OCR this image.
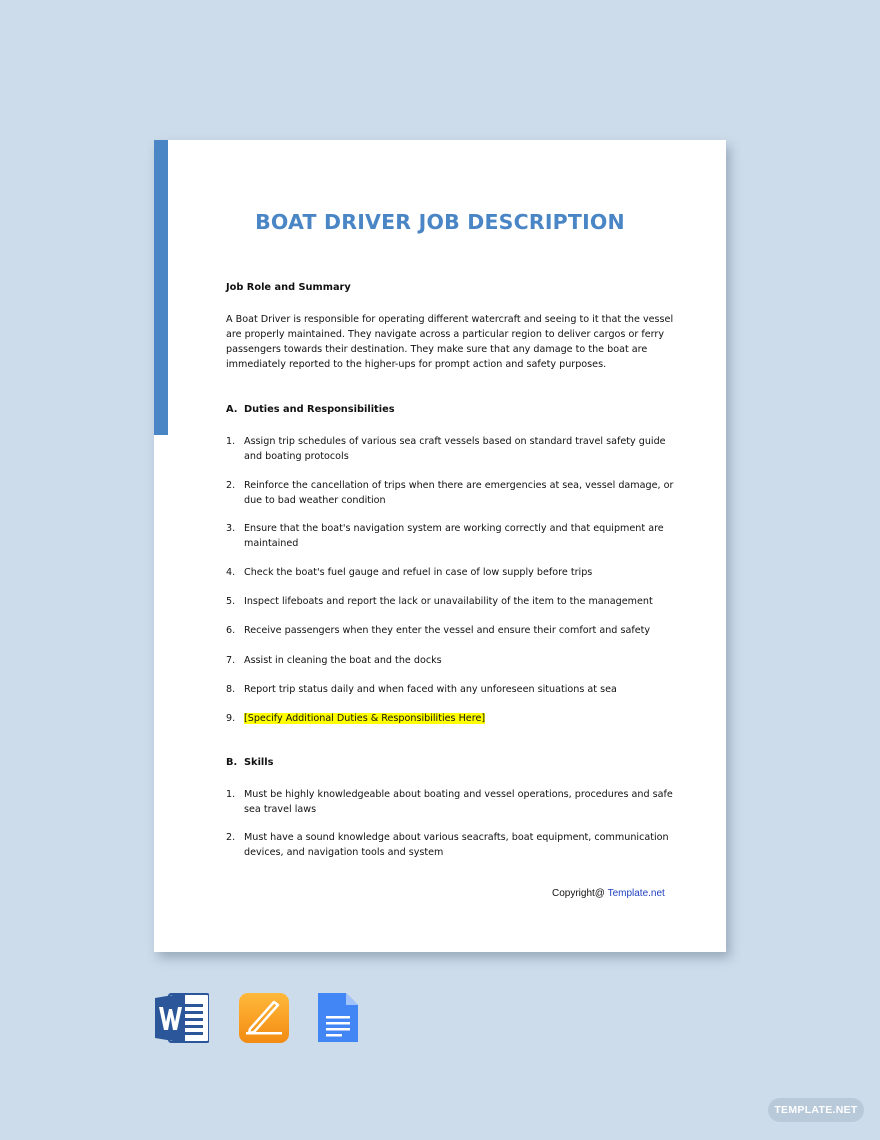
BOAT DRIVER JOB DESCRIPTION
Job Role and Summary

A Boat Driver is responsible for operating different watercraft and seeing to it that the vessel are properly maintained. They navigate across a particular region to deliver cargos or ferry passengers towards their destination. They make sure that any damage to the boat are immediately reported to the higher-ups for prompt action and safety purposes.

A. Duties and Responsibilities
1. Assign trip schedules of various sea craft vessels based on standard travel safety guide and boating protocols
2. Reinforce the cancellation of trips when there are emergencies at sea, vessel damage, or due to bad weather condition
3. Ensure that the boat's navigation system are working correctly and that equipment are maintained
4. Check the boat's fuel gauge and refuel in case of low supply before trips
5. Inspect lifeboats and report the lack or unavailability of the item to the management
6. Receive passengers when they enter the vessel and ensure their comfort and safety
7. Assist in cleaning the boat and the docks
8. Report trip status daily and when faced with any unforeseen situations at sea
9. [Specify Additional Duties & Responsibilities Here]
B. Skills
1. Must be highly knowledgeable about boating and vessel operations, procedures and safe sea travel laws
2. Must have a sound knowledge about various seacrafts, boat equipment, communication devices, and navigation tools and system
Copyright@ Template.net
TEMPLATE.NET
